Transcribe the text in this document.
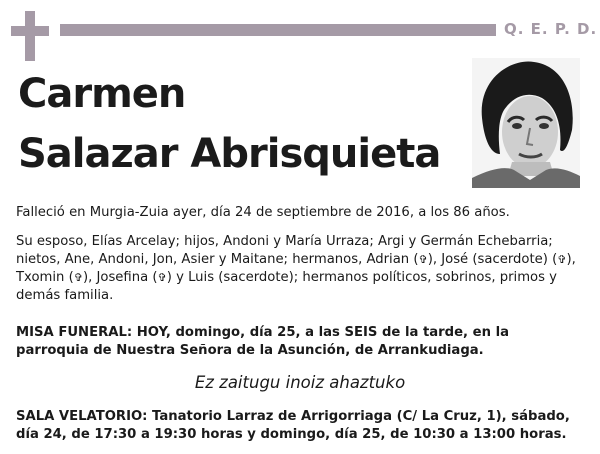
Q. E. P. D.
Carmen
Salazar Abrisquieta
Falleció en Murgia-Zuia ayer, día 24 de septiembre de 2016, a los 86 años.
Su esposo, Elías Arcelay; hijos, Andoni y María Urraza; Argi y Germán Echebarria; nietos, Ane, Andoni, Jon, Asier y Maitane; hermanos, Adrian (✞), José (sacerdote) (✞), Txomin (✞), Josefina (✞) y Luis (sacerdote); hermanos políticos, sobrinos, primos y demás familia.
MISA FUNERAL: HOY, domingo, día 25, a las SEIS de la tarde, en la parroquia de Nuestra Señora de la Asunción, de Arrankudiaga.
Ez zaitugu inoiz ahaztuko
SALA VELATORIO: Tanatorio Larraz de Arrigorriaga (C/ La Cruz, 1), sábado, día 24, de 17:30 a 19:30 horas y domingo, día 25, de 10:30 a 13:00 horas.
